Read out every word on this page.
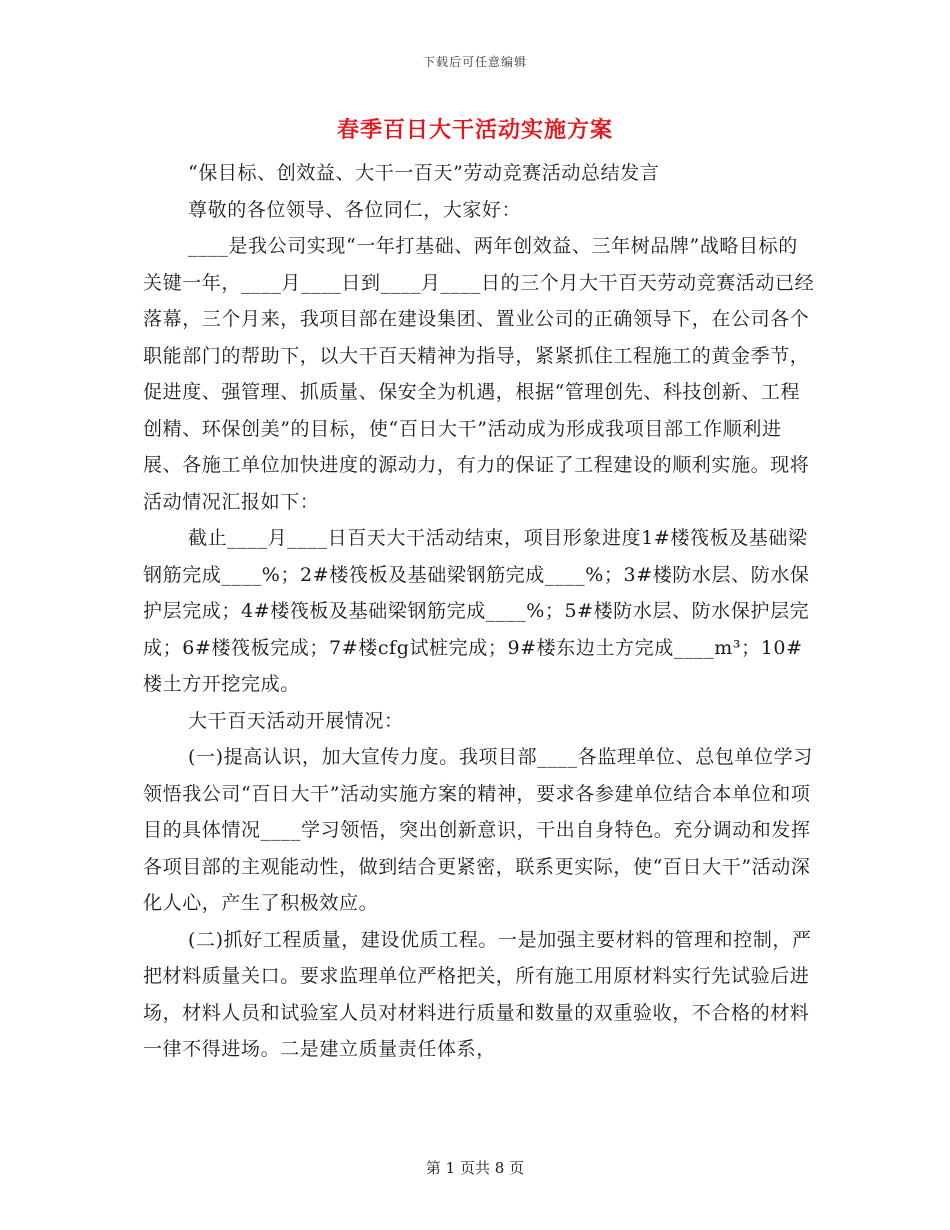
下载后可任意编辑
春季百日大干活动实施方案

“保目标、创效益、大干一百天”劳动竞赛活动总结发言

尊敬的各位领导、各位同仁，大家好：

____是我公司实现“一年打基础、两年创效益、三年树品牌”战略目标的关键一年，____月____日到____月____日的三个月大干百天劳动竞赛活动已经落幕，三个月来，我项目部在建设集团、置业公司的正确领导下，在公司各个职能部门的帮助下，以大干百天精神为指导，紧紧抓住工程施工的黄金季节，促进度、强管理、抓质量、保安全为机遇，根据“管理创先、科技创新、工程创精、环保创美”的目标，使“百日大干”活动成为形成我项目部工作顺利进展、各施工单位加快进度的源动力，有力的保证了工程建设的顺利实施。现将活动情况汇报如下：

截止____月____日百天大干活动结束，项目形象进度1#楼筏板及基础梁钢筋完成____%；2#楼筏板及基础梁钢筋完成____%；3#楼防水层、防水保护层完成；4#楼筏板及基础梁钢筋完成____%；5#楼防水层、防水保护层完成；6#楼筏板完成；7#楼cfg试桩完成；9#楼东边土方完成____m³；10#楼土方开挖完成。

大干百天活动开展情况：

(一)提高认识，加大宣传力度。我项目部____各监理单位、总包单位学习领悟我公司“百日大干”活动实施方案的精神，要求各参建单位结合本单位和项目的具体情况____学习领悟，突出创新意识，干出自身特色。充分调动和发挥各项目部的主观能动性，做到结合更紧密，联系更实际，使“百日大干”活动深化人心，产生了积极效应。

(二)抓好工程质量，建设优质工程。一是加强主要材料的管理和控制，严把材料质量关口。要求监理单位严格把关，所有施工用原材料实行先试验后进场，材料人员和试验室人员对材料进行质量和数量的双重验收，不合格的材料一律不得进场。二是建立质量责任体系，

第 1 页共 8 页
